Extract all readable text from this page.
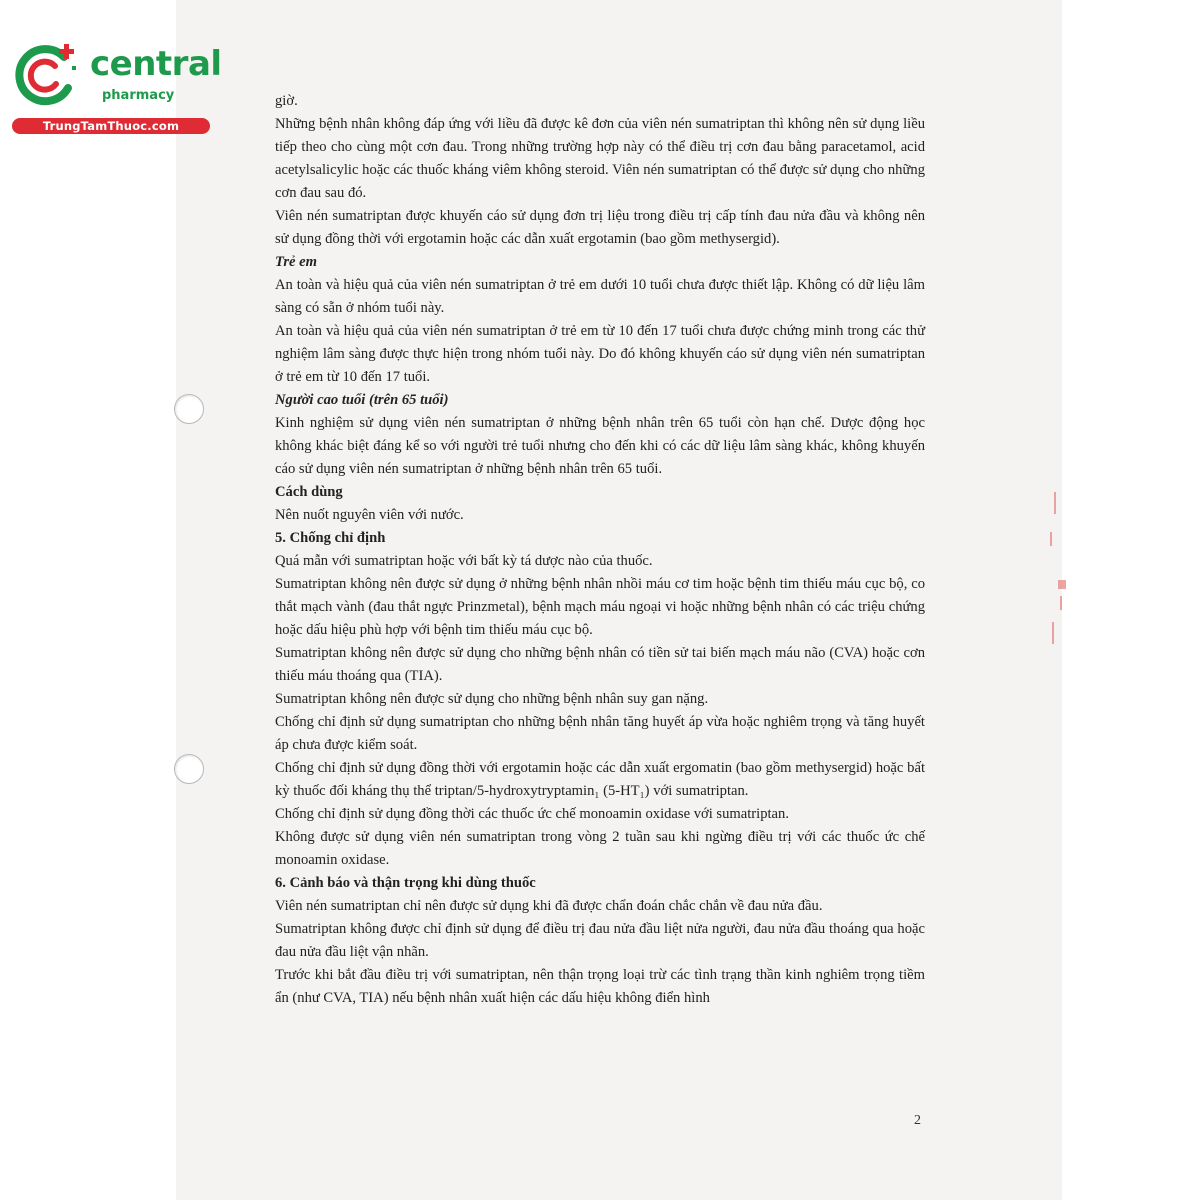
central
pharmacy
TrungTamThuoc.com

giờ.

Những bệnh nhân không đáp ứng với liều đã được kê đơn của viên nén sumatriptan thì không nên sử dụng liều tiếp theo cho cùng một cơn đau. Trong những trường hợp này có thể điều trị cơn đau bằng paracetamol, acid acetylsalicylic hoặc các thuốc kháng viêm không steroid. Viên nén sumatriptan có thể được sử dụng cho những cơn đau sau đó.

Viên nén sumatriptan được khuyến cáo sử dụng đơn trị liệu trong điều trị cấp tính đau nửa đầu và không nên sử dụng đồng thời với ergotamin hoặc các dẫn xuất ergotamin (bao gồm methysergid).

Trẻ em

An toàn và hiệu quả của viên nén sumatriptan ở trẻ em dưới 10 tuổi chưa được thiết lập. Không có dữ liệu lâm sàng có sẵn ở nhóm tuổi này.

An toàn và hiệu quả của viên nén sumatriptan ở trẻ em từ 10 đến 17 tuổi chưa được chứng minh trong các thử nghiệm lâm sàng được thực hiện trong nhóm tuổi này. Do đó không khuyến cáo sử dụng viên nén sumatriptan ở trẻ em từ 10 đến 17 tuổi.

Người cao tuổi (trên 65 tuổi)

Kinh nghiệm sử dụng viên nén sumatriptan ở những bệnh nhân trên 65 tuổi còn hạn chế. Dược động học không khác biệt đáng kể so với người trẻ tuổi nhưng cho đến khi có các dữ liệu lâm sàng khác, không khuyến cáo sử dụng viên nén sumatriptan ở những bệnh nhân trên 65 tuổi.

Cách dùng

Nên nuốt nguyên viên với nước.

5. Chống chỉ định

Quá mẫn với sumatriptan hoặc với bất kỳ tá dược nào của thuốc.

Sumatriptan không nên được sử dụng ở những bệnh nhân nhồi máu cơ tim hoặc bệnh tim thiếu máu cục bộ, co thắt mạch vành (đau thắt ngực Prinzmetal), bệnh mạch máu ngoại vi hoặc những bệnh nhân có các triệu chứng hoặc dấu hiệu phù hợp với bệnh tim thiếu máu cục bộ.

Sumatriptan không nên được sử dụng cho những bệnh nhân có tiền sử tai biến mạch máu não (CVA) hoặc cơn thiếu máu thoáng qua (TIA).

Sumatriptan không nên được sử dụng cho những bệnh nhân suy gan nặng.

Chống chỉ định sử dụng sumatriptan cho những bệnh nhân tăng huyết áp vừa hoặc nghiêm trọng và tăng huyết áp chưa được kiểm soát.

Chống chỉ định sử dụng đồng thời với ergotamin hoặc các dẫn xuất ergomatin (bao gồm methysergid) hoặc bất kỳ thuốc đối kháng thụ thể triptan/5-hydroxytryptamin₁ (5-HT₁) với sumatriptan.

Chống chỉ định sử dụng đồng thời các thuốc ức chế monoamin oxidase với sumatriptan.

Không được sử dụng viên nén sumatriptan trong vòng 2 tuần sau khi ngừng điều trị với các thuốc ức chế monoamin oxidase.

6. Cảnh báo và thận trọng khi dùng thuốc

Viên nén sumatriptan chỉ nên được sử dụng khi đã được chẩn đoán chắc chắn về đau nửa đầu.

Sumatriptan không được chỉ định sử dụng để điều trị đau nửa đầu liệt nửa người, đau nửa đầu thoáng qua hoặc đau nửa đầu liệt vận nhãn.

Trước khi bắt đầu điều trị với sumatriptan, nên thận trọng loại trừ các tình trạng thần kinh nghiêm trọng tiềm ẩn (như CVA, TIA) nếu bệnh nhân xuất hiện các dấu hiệu không điển hình

2
